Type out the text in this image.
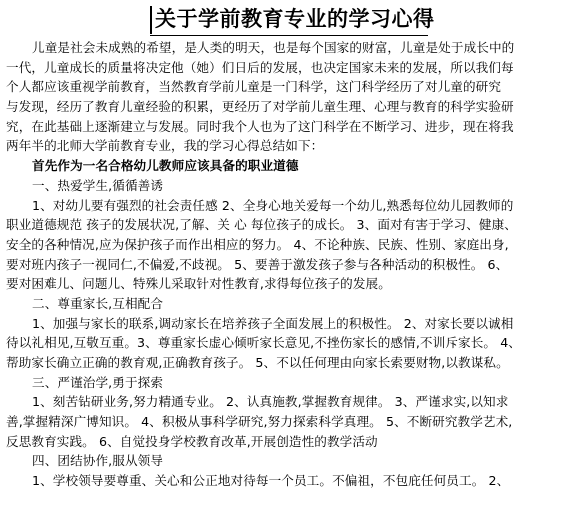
关于学前教育专业的学习心得
儿童是社会未成熟的希望，是人类的明天，也是每个国家的财富，儿童是处于成长中的
一代，儿童成长的质量将决定他（她）们日后的发展，也决定国家未来的发展，所以我们每
个人都应该重视学前教育，当然教育学前儿童是一门科学，这门科学经历了对儿童的研究
与发现，经历了教育儿童经验的积累，更经历了对学前儿童生理、心理与教育的科学实验研
究，在此基础上逐渐建立与发展。同时我个人也为了这门科学在不断学习、进步，现在将我
两年半的北师大学前教育专业，我的学习心得总结如下：
首先作为一名合格幼儿教师应该具备的职业道德
一、热爱学生,循循善诱
1、对幼儿要有强烈的社会责任感 2、全身心地关爱每一个幼儿,熟悉每位幼儿园教师的
职业道德规范 孩子的发展状况,了解、关 心 每位孩子的成长。 3、面对有害于学习、健康、
安全的各种情况,应为保护孩子而作出相应的努力。 4、不论种族、民族、性别、家庭出身,
要对班内孩子一视同仁,不偏爱,不歧视。 5、要善于激发孩子参与各种活动的积极性。 6、
要对困难儿、问题儿、特殊儿采取针对性教育,求得每位孩子的发展。
二、尊重家长,互相配合
1、加强与家长的联系,调动家长在培养孩子全面发展上的积极性。 2、对家长要以诚相
待以礼相见,互敬互重。3、尊重家长虚心倾听家长意见,不挫伤家长的感情,不训斥家长。 4、
帮助家长确立正确的教育观,正确教育孩子。 5、不以任何理由向家长索要财物,以教谋私。
三、严谨治学,勇于探索
1、刻苦钻研业务,努力精通专业。 2、认真施教,掌握教育规律。 3、严谨求实,以知求
善,掌握精深广博知识。 4、积极从事科学研究,努力探索科学真理。 5、不断研究教学艺术,
反思教育实践。 6、自觉投身学校教育改革,开展创造性的教学活动
四、团结协作,服从领导
1、学校领导要尊重、关心和公正地对待每一个员工。不偏祖，不包庇任何员工。 2、
